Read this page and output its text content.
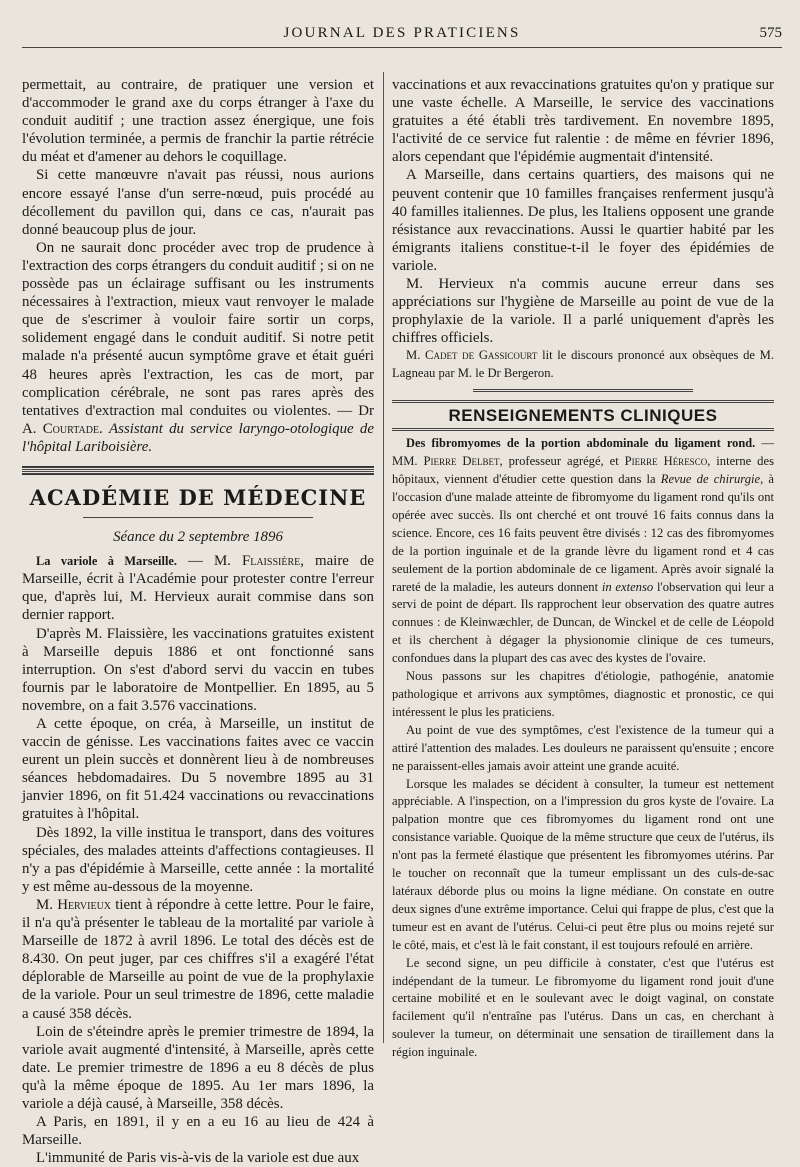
JOURNAL DES PRATICIENS	575

permettait, au contraire, de pratiquer une version et d'accommoder le grand axe du corps étranger à l'axe du conduit auditif ; une traction assez énergique, une fois l'évolution terminée, a permis de franchir la partie rétrécie du méat et d'amener au dehors le coquillage.

Si cette manœuvre n'avait pas réussi, nous aurions encore essayé l'anse d'un serre-nœud, puis procédé au décollement du pavillon qui, dans ce cas, n'aurait pas donné beaucoup plus de jour.

On ne saurait donc procéder avec trop de prudence à l'extraction des corps étrangers du conduit auditif ; si on ne possède pas un éclairage suffisant ou les instruments nécessaires à l'extraction, mieux vaut renvoyer le malade que de s'escrimer à vouloir faire sortir un corps, solidement engagé dans le conduit auditif. Si notre petit malade n'a présenté aucun symptôme grave et était guéri 48 heures après l'extraction, les cas de mort, par complication cérébrale, ne sont pas rares après des tentatives d'extraction mal conduites ou violentes. — Dr A. Courtade. Assistant du service laryngo-otologique de l'hôpital Lariboisière.

ACADÉMIE DE MÉDECINE
Séance du 2 septembre 1896

La variole à Marseille. — M. Flaissière, maire de Marseille, écrit à l'Académie pour protester contre l'erreur que, d'après lui, M. Hervieux aurait commise dans son dernier rapport.

D'après M. Flaissière, les vaccinations gratuites existent à Marseille depuis 1886 et ont fonctionné sans interruption. On s'est d'abord servi du vaccin en tubes fournis par le laboratoire de Montpellier. En 1895, au 5 novembre, on a fait 3.576 vaccinations.

A cette époque, on créa, à Marseille, un institut de vaccin de génisse. Les vaccinations faites avec ce vaccin eurent un plein succès et donnèrent lieu à de nombreuses séances hebdomadaires. Du 5 novembre 1895 au 31 janvier 1896, on fit 51.424 vaccinations ou revaccinations gratuites à l'hôpital.

Dès 1892, la ville institua le transport, dans des voitures spéciales, des malades atteints d'affections contagieuses. Il n'y a pas d'épidémie à Marseille, cette année : la mortalité y est même au-dessous de la moyenne.

M. Hervieux tient à répondre à cette lettre. Pour le faire, il n'a qu'à présenter le tableau de la mortalité par variole à Marseille de 1872 à avril 1896. Le total des décès est de 8.430. On peut juger, par ces chiffres s'il a exagéré l'état déplorable de Marseille au point de vue de la prophylaxie de la variole. Pour un seul trimestre de 1896, cette maladie a causé 358 décès.

Loin de s'éteindre après le premier trimestre de 1894, la variole avait augmenté d'intensité, à Marseille, après cette date. Le premier trimestre de 1896 a eu 8 décès de plus qu'à la même époque de 1895. Au 1er mars 1896, la variole a déjà causé, à Marseille, 358 décès.

A Paris, en 1891, il y en a eu 16 au lieu de 424 à Marseille.

L'immunité de Paris vis-à-vis de la variole est due aux

vaccinations et aux revaccinations gratuites qu'on y pratique sur une vaste échelle. A Marseille, le service des vaccinations gratuites a été établi très tardivement. En novembre 1895, l'activité de ce service fut ralentie : de même en février 1896, alors cependant que l'épidémie augmentait d'intensité.

A Marseille, dans certains quartiers, des maisons qui ne peuvent contenir que 10 familles françaises renferment jusqu'à 40 familles italiennes. De plus, les Italiens opposent une grande résistance aux revaccinations. Aussi le quartier habité par les émigrants italiens constitue-t-il le foyer des épidémies de variole.

M. Hervieux n'a commis aucune erreur dans ses appréciations sur l'hygiène de Marseille au point de vue de la prophylaxie de la variole. Il a parlé uniquement d'après les chiffres officiels.

M. Cadet de Gassicourt lit le discours prononcé aux obsèques de M. Lagneau par M. le Dr Bergeron.

RENSEIGNEMENTS CLINIQUES

Des fibromyomes de la portion abdominale du ligament rond. — MM. Pierre Delbet, professeur agrégé, et Pierre Héresco, interne des hôpitaux, viennent d'étudier cette question dans la Revue de chirurgie, à l'occasion d'une malade atteinte de fibromyome du ligament rond qu'ils ont opérée avec succès. Ils ont cherché et ont trouvé 16 faits connus dans la science. Encore, ces 16 faits peuvent être divisés : 12 cas des fibromyomes de la portion inguinale et de la grande lèvre du ligament rond et 4 cas seulement de la portion abdominale de ce ligament. Après avoir signalé la rareté de la maladie, les auteurs donnent in extenso l'observation qui leur a servi de point de départ. Ils rapprochent leur observation des quatre autres connues : de Kleinwæchler, de Duncan, de Winckel et de celle de Léopold et ils cherchent à dégager la physionomie clinique de ces tumeurs, confondues dans la plupart des cas avec des kystes de l'ovaire.

Nous passons sur les chapitres d'étiologie, pathogénie, anatomie pathologique et arrivons aux symptômes, diagnostic et pronostic, ce qui intéressent le plus les praticiens.

Au point de vue des symptômes, c'est l'existence de la tumeur qui a attiré l'attention des malades. Les douleurs ne paraissent qu'ensuite ; encore ne paraissent-elles jamais avoir atteint une grande acuité.

Lorsque les malades se décident à consulter, la tumeur est nettement appréciable. A l'inspection, on a l'impression du gros kyste de l'ovaire. La palpation montre que ces fibromyomes du ligament rond ont une consistance variable. Quoique de la même structure que ceux de l'utérus, ils n'ont pas la fermeté élastique que présentent les fibromyomes utérins. Par le toucher on reconnaît que la tumeur emplissant un des culs-de-sac latéraux déborde plus ou moins la ligne médiane. On constate en outre deux signes d'une extrême importance. Celui qui frappe de plus, c'est que la tumeur est en avant de l'utérus. Celui-ci peut être plus ou moins rejeté sur le côté, mais, et c'est là le fait constant, il est toujours refoulé en arrière.

Le second signe, un peu difficile à constater, c'est que l'utérus est indépendant de la tumeur. Le fibromyome du ligament rond jouit d'une certaine mobilité et en le soulevant avec le doigt vaginal, on constate facilement qu'il n'entraîne pas l'utérus. Dans un cas, en cherchant à soulever la tumeur, on déterminait une sensation de tiraillement dans la région inguinale.
